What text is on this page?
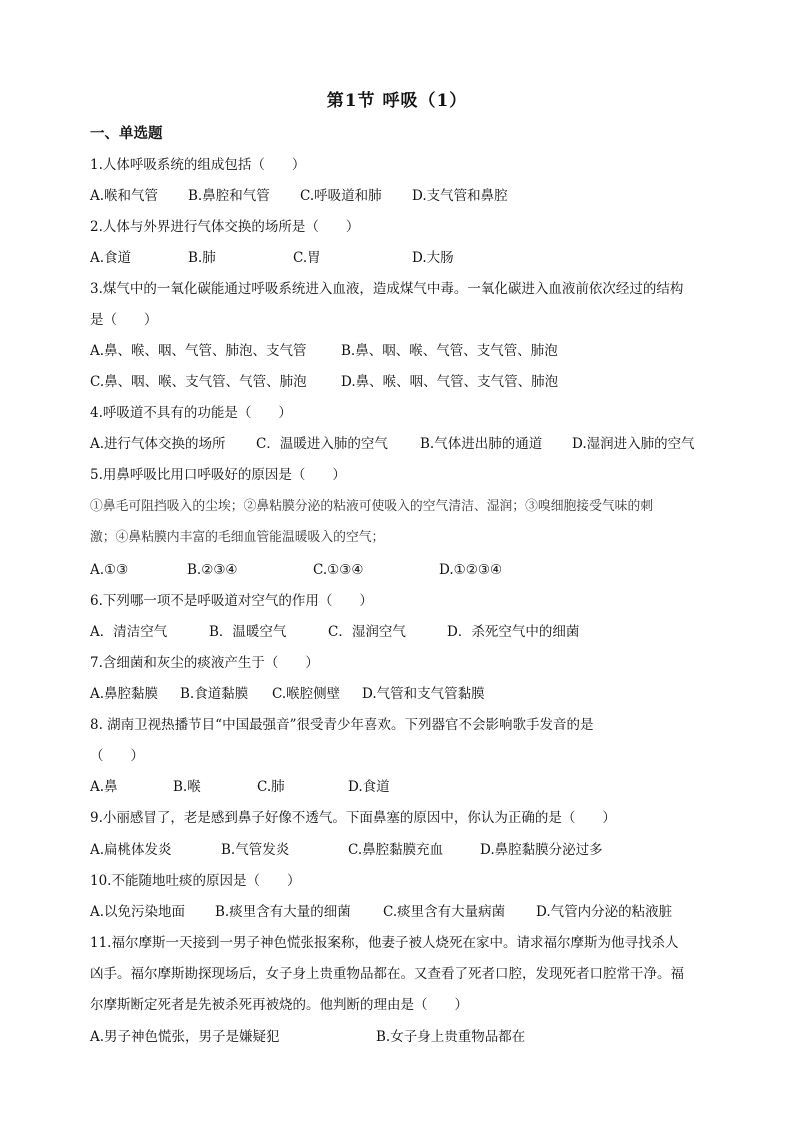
第1节 呼吸（1）
一、单选题
1.人体呼吸系统的组成包括（　　）
A.喉和气管 B.鼻腔和气管 C.呼吸道和肺 D.支气管和鼻腔
2.人体与外界进行气体交换的场所是（　　）
A.食道	B.肺	C.胃	D.大肠
3.煤气中的一氧化碳能通过呼吸系统进入血液，造成煤气中毒。一氧化碳进入血液前依次经过的结构
是（　　）
A.鼻、喉、咽、气管、肺泡、支气管	B.鼻、咽、喉、气管、支气管、肺泡
C.鼻、咽、喉、支气管、气管、肺泡	D.鼻、喉、咽、气管、支气管、肺泡
4.呼吸道不具有的功能是（　　）
A.进行气体交换的场所 C．温暖进入肺的空气 B.气体进出肺的通道 D.湿润进入肺的空气
5.用鼻呼吸比用口呼吸好的原因是（　　）
①鼻毛可阻挡吸入的尘埃；②鼻粘膜分泌的粘液可使吸入的空气清洁、湿润；③嗅细胞接受气味的刺
激；④鼻粘膜内丰富的毛细血管能温暖吸入的空气；
A.①③	B.②③④	C.①③④	D.①②③④
6.下列哪一项不是呼吸道对空气的作用（　　）
A．清洁空气	B．温暖空气	C．湿润空气	D．杀死空气中的细菌
7.含细菌和灰尘的痰液产生于（　　）
A.鼻腔黏膜 B.食道黏膜 C.喉腔侧壁 D.气管和支气管黏膜
8. 湖南卫视热播节目“中国最强音”很受青少年喜欢。下列器官不会影响歌手发音的是
（　　）
A.鼻	B.喉	C.肺	D.食道
9.小丽感冒了，老是感到鼻子好像不透气。下面鼻塞的原因中，你认为正确的是（　　）
A.扁桃体发炎	B.气管发炎	C.鼻腔黏膜充血	D.鼻腔黏膜分泌过多
10.不能随地吐痰的原因是（　　）
A.以免污染地面 B.痰里含有大量的细菌 C.痰里含有大量病菌 D.气管内分泌的粘液脏
11.福尔摩斯一天接到一男子神色慌张报案称，他妻子被人烧死在家中。请求福尔摩斯为他寻找杀人
凶手。福尔摩斯勘探现场后，女子身上贵重物品都在。又查看了死者口腔，发现死者口腔常干净。福
尔摩斯断定死者是先被杀死再被烧的。他判断的理由是（　　）
A.男子神色慌张，男子是嫌疑犯	B.女子身上贵重物品都在
